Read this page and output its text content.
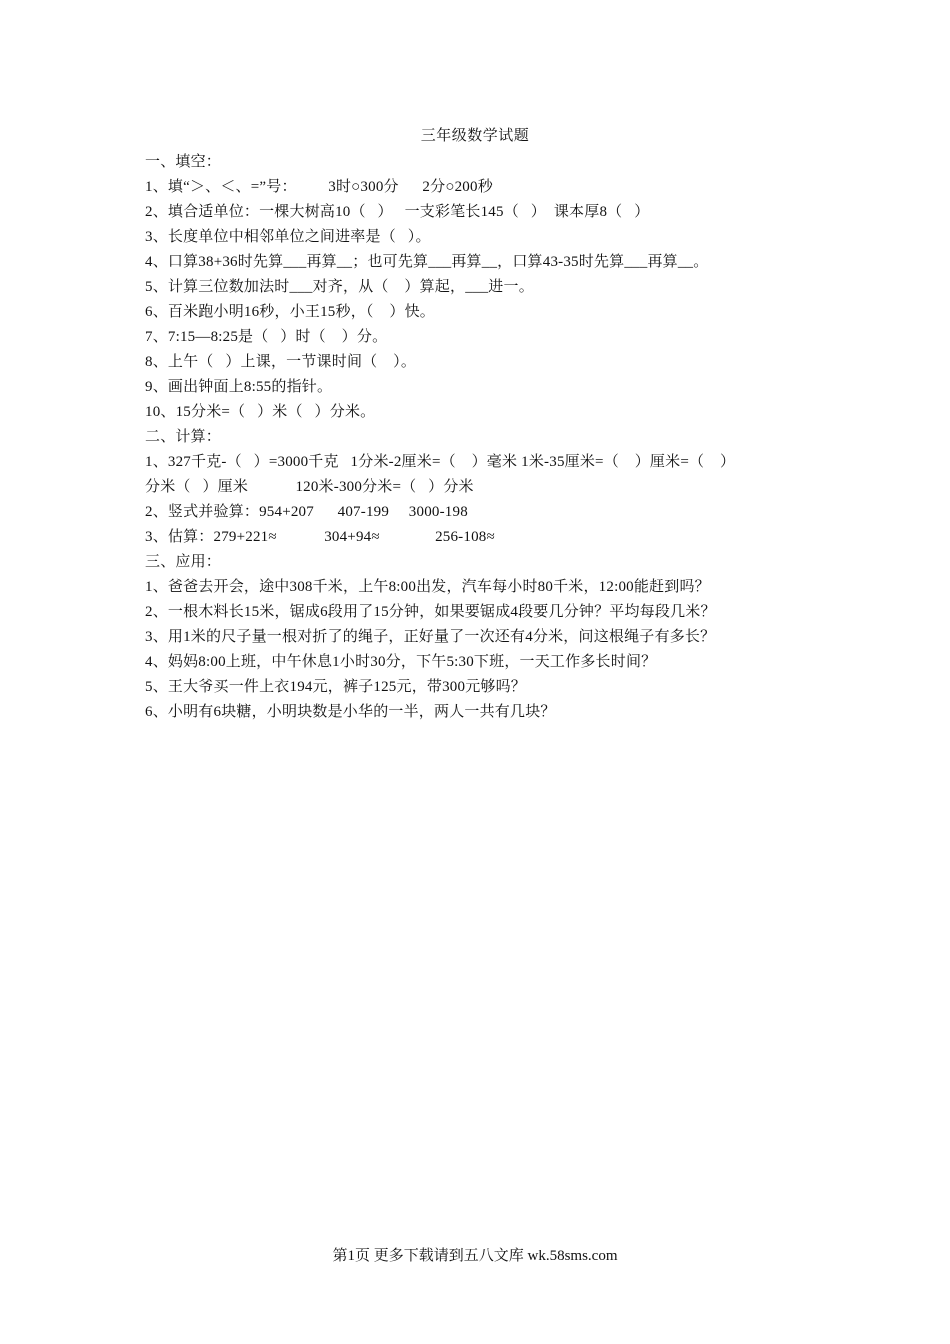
三年级数学试题
一、填空：
1、填“＞、＜、=”号：        3时○300分      2分○200秒
2、填合适单位：一棵大树高10（   ）   一支彩笔长145（   ）  课本厚8（   ）
3、长度单位中相邻单位之间进率是（   ）。
4、口算38+36时先算___再算__；也可先算___再算__，口算43-35时先算___再算__。
5、计算三位数加法时___对齐，从（    ）算起，___进一。
6、百米跑小明16秒，小王15秒，（    ）快。
7、7:15—8:25是（   ）时（    ）分。
8、上午（   ）上课，一节课时间（    ）。
9、画出钟面上8:55的指针。
10、15分米=（   ）米（   ）分米。
二、计算：
1、327千克-（   ）=3000千克   1分米-2厘米=（    ）毫米 1米-35厘米=（    ）厘米=（    ）
分米（   ）厘米            120米-300分米=（   ）分米
2、竖式并验算：954+207      407-199     3000-198
3、估算：279+221≈            304+94≈              256-108≈
三、应用：
1、爸爸去开会，途中308千米，上午8:00出发，汽车每小时80千米，12:00能赶到吗？
2、一根木料长15米，锯成6段用了15分钟，如果要锯成4段要几分钟？平均每段几米？
3、用1米的尺子量一根对折了的绳子，正好量了一次还有4分米，问这根绳子有多长？
4、妈妈8:00上班，中午休息1小时30分，下午5:30下班，一天工作多长时间？
5、王大爷买一件上衣194元，裤子125元，带300元够吗？
6、小明有6块糖，小明块数是小华的一半，两人一共有几块？
第1页 更多下载请到五八文库 wk.58sms.com
